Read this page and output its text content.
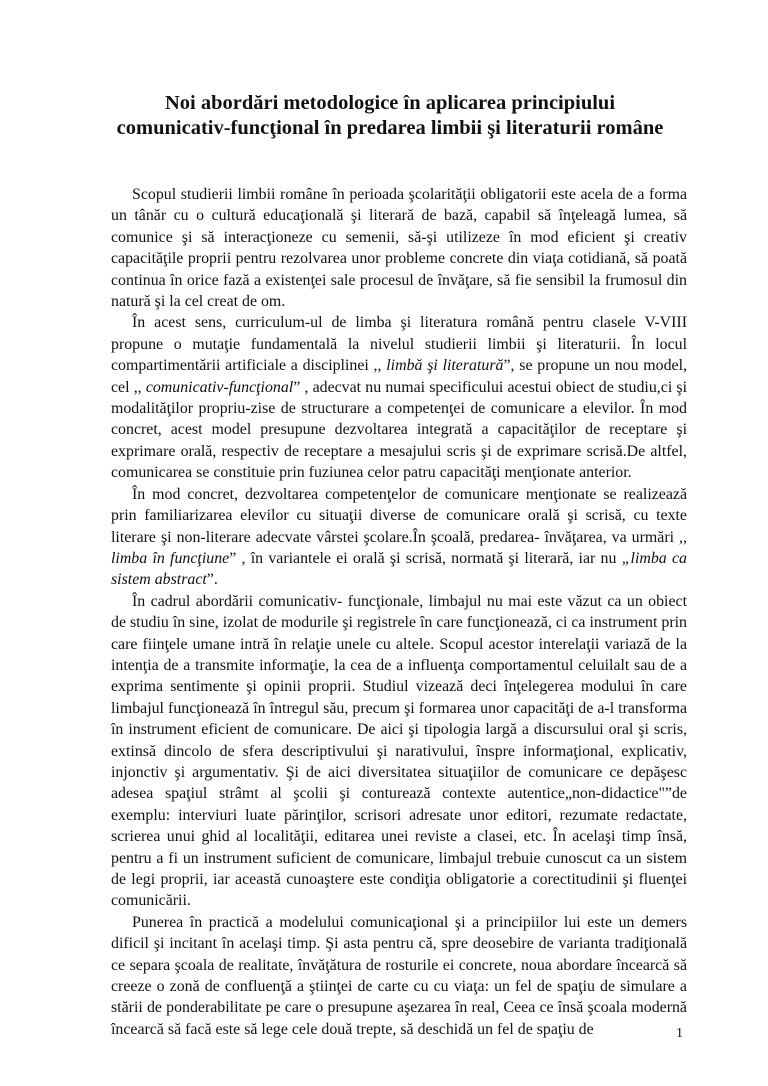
Noi abordări metodologice în aplicarea principiului
comunicativ-funcţional în predarea limbii şi literaturii române

Scopul studierii limbii române în perioada şcolarităţii obligatorii este acela de a forma un tânăr cu o cultură educaţională şi literară de bază, capabil să înţeleagă lumea, să comunice şi să interacţioneze cu semenii, să-şi utilizeze în mod eficient şi creativ capacităţile proprii pentru rezolvarea unor probleme concrete din viaţa cotidiană, să poată continua în orice fază a existenţei sale procesul de învăţare, să fie sensibil la frumosul din natură şi la cel creat de om.

În acest sens, curriculum-ul de limba şi literatura română pentru clasele V-VIII propune o mutaţie fundamentală la nivelul studierii limbii şi literaturii. În locul compartimentării artificiale a disciplinei ,, limbă şi literatură”, se propune un nou model, cel ,, comunicativ-funcţional” , adecvat nu numai specificului acestui obiect de studiu,ci şi modalităţilor propriu-zise de structurare a competenţei de comunicare a elevilor. În mod concret, acest model presupune dezvoltarea integrată a capacităţilor de receptare şi exprimare orală, respectiv de receptare a mesajului scris şi de exprimare scrisă.De altfel, comunicarea se constituie prin fuziunea celor patru capacităţi menţionate anterior.

În mod concret, dezvoltarea competenţelor de comunicare menţionate se realizează prin familiarizarea elevilor cu situaţii diverse de comunicare orală şi scrisă, cu texte literare şi non-literare adecvate vârstei şcolare.În şcoală, predarea- învăţarea, va urmări ,, limba în funcţiune” , în variantele ei orală şi scrisă, normată şi literară, iar nu „limba ca sistem abstract”.

În cadrul abordării comunicativ- funcţionale, limbajul nu mai este văzut ca un obiect de studiu în sine, izolat de modurile şi registrele în care funcţionează, ci ca instrument prin care fiinţele umane intră în relaţie unele cu altele. Scopul acestor interelaţii variază de la intenţia de a transmite informaţie, la cea de a influenţa comportamentul celuilalt sau de a exprima sentimente şi opinii proprii. Studiul vizează deci înţelegerea modului în care limbajul funcţionează în întregul său, precum şi formarea unor capacităţi de a-l transforma în instrument eficient de comunicare. De aici şi tipologia largă a discursului oral şi scris, extinsă dincolo de sfera descriptivului şi narativului, înspre informaţional, explicativ, injonctiv şi argumentativ. Şi de aici diversitatea situaţiilor de comunicare ce depăşesc adesea spaţiul strâmt al şcolii şi conturează contexte autentice„non-didactice"”de exemplu: interviuri luate părinţilor, scrisori adresate unor editori, rezumate redactate, scrierea unui ghid al localităţii, editarea unei reviste a clasei, etc. În acelaşi timp însă, pentru a fi un instrument suficient de comunicare, limbajul trebuie cunoscut ca un sistem de legi proprii, iar această cunoaştere este condiţia obligatorie a corectitudinii şi fluenţei comunicării.

Punerea în practică a modelului comunicaţional şi a principiilor lui este un demers dificil şi incitant în acelaşi timp. Şi asta pentru că, spre deosebire de varianta tradiţională ce separa şcoala de realitate, învăţătura de rosturile ei concrete, noua abordare încearcă să creeze o zonă de confluenţă a ştiinţei de carte cu cu viaţa: un fel de spaţiu de simulare a stării de ponderabilitate pe care o presupune aşezarea în real, Ceea ce însă şcoala modernă încearcă să facă este să lege cele două trepte, să deschidă un fel de spaţiu de	1
